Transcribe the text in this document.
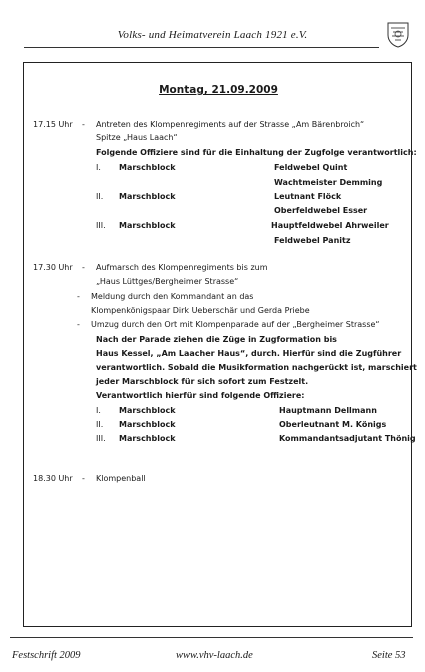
Volks- und Heimatverein Laach 1921 e.V.
Montag, 21.09.2009
17.15 Uhr - Antreten des Klompenregiments auf der Strasse „Am Bärenbroich“
Spitze „Haus Laach“
Folgende Offiziere sind für die Einhaltung der Zugfolge verantwortlich:
I. Marschblock	Feldwebel Quint
Wachtmeister Demming
II. Marschblock	Leutnant Flöck
Oberfeldwebel Esser
III. Marschblock	Hauptfeldwebel Ahrweiler
Feldwebel Panitz
17.30 Uhr - Aufmarsch des Klompenregiments bis zum
„Haus Lüttges/Bergheimer Strasse“
- Meldung durch den Kommandant an das
Klompenkönigspaar Dirk Ueberschär und Gerda Priebe
- Umzug durch den Ort mit Klompenparade auf der „Bergheimer Strasse“
Nach der Parade ziehen die Züge in Zugformation bis
Haus Kessel, „Am Laacher Haus“, durch. Hierfür sind die Zugführer
verantwortlich. Sobald die Musikformation nachgerückt ist, marschiert
jeder Marschblock für sich sofort zum Festzelt.
Verantwortlich hierfür sind folgende Offiziere:
I. Marschblock	Hauptmann Dellmann
II. Marschblock	Oberleutnant M. Königs
III. Marschblock	Kommandantsadjutant Thönig
18.30 Uhr - Klompenball
Festschrift 2009	www.vhv-laach.de	Seite 53
